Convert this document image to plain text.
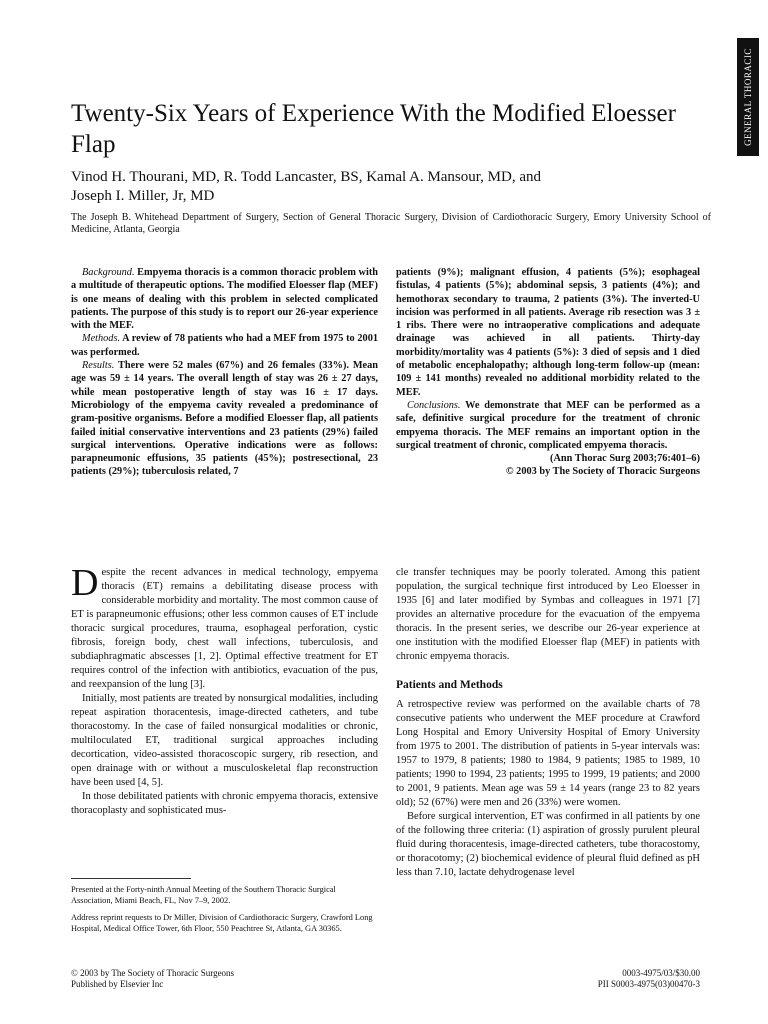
GENERAL THORACIC
Twenty-Six Years of Experience With the Modified Eloesser Flap
Vinod H. Thourani, MD, R. Todd Lancaster, BS, Kamal A. Mansour, MD, and
Joseph I. Miller, Jr, MD
The Joseph B. Whitehead Department of Surgery, Section of General Thoracic Surgery, Division of Cardiothoracic Surgery, Emory University School of Medicine, Atlanta, Georgia

Background. Empyema thoracis is a common thoracic problem with a multitude of therapeutic options. The modified Eloesser flap (MEF) is one means of dealing with this problem in selected complicated patients. The purpose of this study is to report our 26-year experience with the MEF.

Methods. A review of 78 patients who had a MEF from 1975 to 2001 was performed.

Results. There were 52 males (67%) and 26 females (33%). Mean age was 59 ± 14 years. The overall length of stay was 26 ± 27 days, while mean postoperative length of stay was 16 ± 17 days. Microbiology of the empyema cavity revealed a predominance of gram-positive organisms. Before a modified Eloesser flap, all patients failed initial conservative interventions and 23 patients (29%) failed surgical interventions. Operative indications were as follows: parapneumonic effusions, 35 patients (45%); postresectional, 23 patients (29%); tuberculosis related, 7

patients (9%); malignant effusion, 4 patients (5%); esophageal fistulas, 4 patients (5%); abdominal sepsis, 3 patients (4%); and hemothorax secondary to trauma, 2 patients (3%). The inverted-U incision was performed in all patients. Average rib resection was 3 ± 1 ribs. There were no intraoperative complications and adequate drainage was achieved in all patients. Thirty-day morbidity/mortality was 4 patients (5%): 3 died of sepsis and 1 died of metabolic encephalopathy; although long-term follow-up (mean: 109 ± 141 months) revealed no additional morbidity related to the MEF.

Conclusions. We demonstrate that MEF can be performed as a safe, definitive surgical procedure for the treatment of chronic empyema thoracis. The MEF remains an important option in the surgical treatment of chronic, complicated empyema thoracis.

(Ann Thorac Surg 2003;76:401–6)

© 2003 by The Society of Thoracic Surgeons

Despite the recent advances in medical technology, empyema thoracis (ET) remains a debilitating disease process with considerable morbidity and mortality. The most common cause of ET is parapneumonic effusions; other less common causes of ET include thoracic surgical procedures, trauma, esophageal perforation, cystic fibrosis, foreign body, chest wall infections, tuberculosis, and subdiaphragmatic abscesses [1, 2]. Optimal effective treatment for ET requires control of the infection with antibiotics, evacuation of the pus, and reexpansion of the lung [3].

Initially, most patients are treated by nonsurgical modalities, including repeat aspiration thoracentesis, image-directed catheters, and tube thoracostomy. In the case of failed nonsurgical modalities or chronic, multiloculated ET, traditional surgical approaches including decortication, video-assisted thoracoscopic surgery, rib resection, and open drainage with or without a musculoskeletal flap reconstruction have been used [4, 5].

In those debilitated patients with chronic empyema thoracis, extensive thoracoplasty and sophisticated mus-

cle transfer techniques may be poorly tolerated. Among this patient population, the surgical technique first introduced by Leo Eloesser in 1935 [6] and later modified by Symbas and colleagues in 1971 [7] provides an alternative procedure for the evacuation of the empyema thoracis. In the present series, we describe our 26-year experience at one institution with the modified Eloesser flap (MEF) in patients with chronic empyema thoracis.

Patients and Methods

A retrospective review was performed on the available charts of 78 consecutive patients who underwent the MEF procedure at Crawford Long Hospital and Emory University Hospital of Emory University from 1975 to 2001. The distribution of patients in 5-year intervals was: 1957 to 1979, 8 patients; 1980 to 1984, 9 patients; 1985 to 1989, 10 patients; 1990 to 1994, 23 patients; 1995 to 1999, 19 patients; and 2000 to 2001, 9 patients. Mean age was 59 ± 14 years (range 23 to 82 years old); 52 (67%) were men and 26 (33%) were women.

Before surgical intervention, ET was confirmed in all patients by one of the following three criteria: (1) aspiration of grossly purulent pleural fluid during thoracentesis, image-directed catheters, tube thoracostomy, or thoracotomy; (2) biochemical evidence of pleural fluid defined as pH less than 7.10, lactate dehydrogenase level

Presented at the Forty-ninth Annual Meeting of the Southern Thoracic Surgical Association, Miami Beach, FL, Nov 7–9, 2002.

Address reprint requests to Dr Miller, Division of Cardiothoracic Surgery, Crawford Long Hospital, Medical Office Tower, 6th Floor, 550 Peachtree St, Atlanta, GA 30365.

© 2003 by The Society of Thoracic Surgeons
Published by Elsevier Inc
0003-4975/03/$30.00
PII S0003-4975(03)00470-3
